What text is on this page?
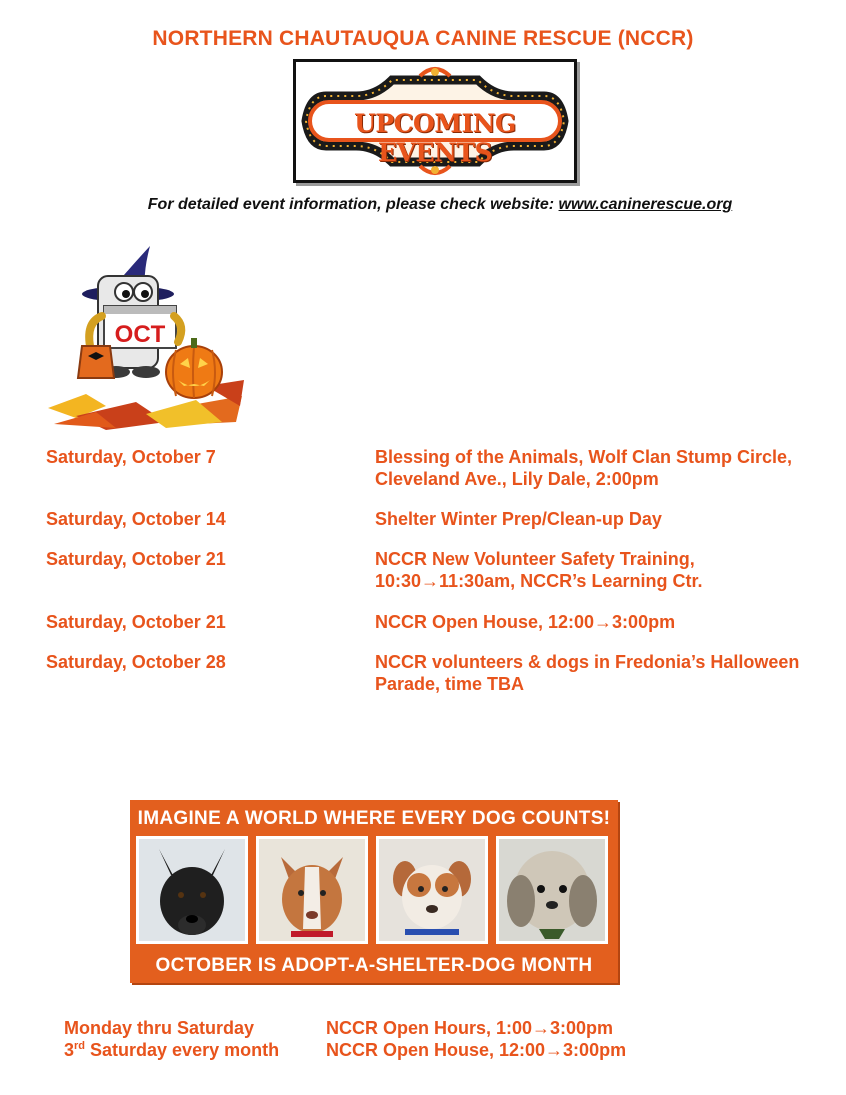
NORTHERN CHAUTAUQUA CANINE RESCUE (NCCR)
UPCOMING EVENTS
For detailed event information, please check website: www.caninerescue.org
OCT
Saturday, October 7	Blessing of the Animals, Wolf Clan Stump Circle, Cleveland Ave., Lily Dale, 2:00pm
Saturday, October 14	Shelter Winter Prep/Clean-up Day
Saturday, October 21	NCCR New Volunteer Safety Training, 10:30→11:30am, NCCR’s Learning Ctr.
Saturday, October 21	NCCR Open House, 12:00→3:00pm
Saturday, October 28	NCCR volunteers & dogs in Fredonia’s Halloween Parade, time TBA
IMAGINE A WORLD WHERE EVERY DOG COUNTS!
OCTOBER IS ADOPT-A-SHELTER-DOG MONTH
Monday thru Saturday	NCCR Open Hours, 1:00→3:00pm
3rd Saturday every month	NCCR Open House, 12:00→3:00pm
